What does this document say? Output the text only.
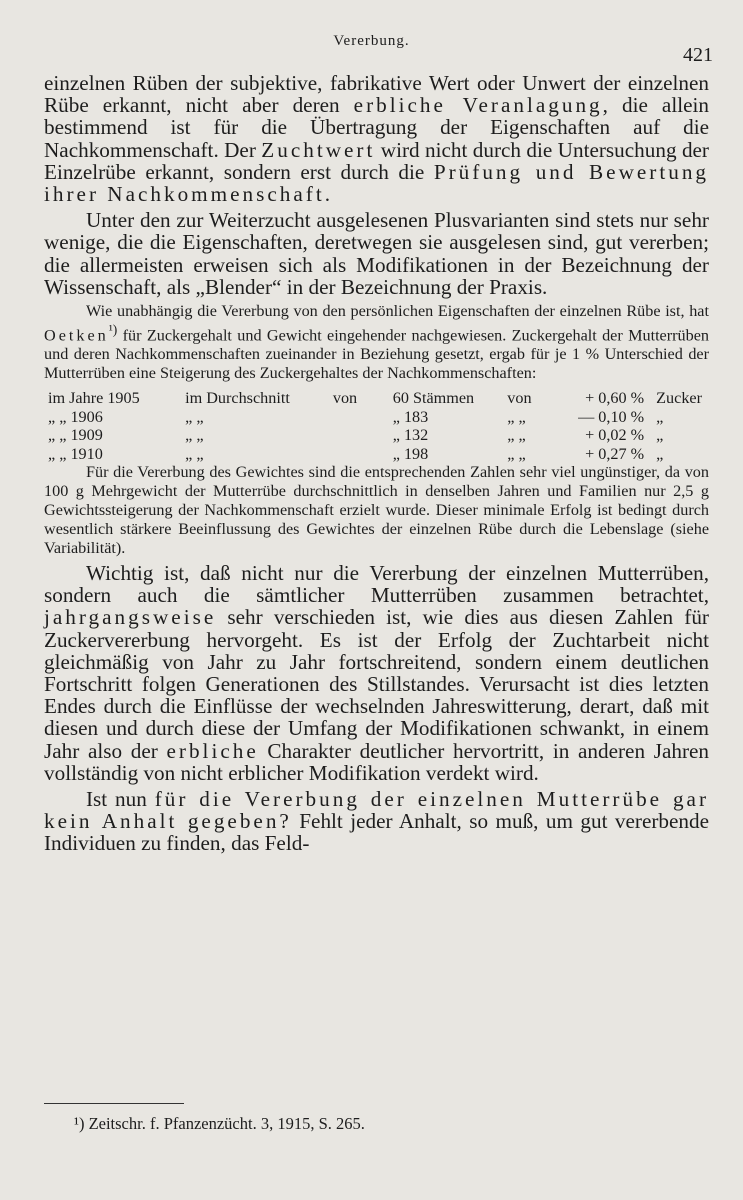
Vererbung.
421

einzelnen Rüben der subjektive, fabrikative Wert oder Unwert der einzelnen Rübe erkannt, nicht aber deren erbliche Veranlagung, die allein bestimmend ist für die Übertragung der Eigenschaften auf die Nachkommenschaft. Der Zuchtwert wird nicht durch die Untersuchung der Einzelrübe erkannt, sondern erst durch die Prüfung und Bewertung ihrer Nachkommenschaft.

Unter den zur Weiterzucht ausgelesenen Plusvarianten sind stets nur sehr wenige, die die Eigenschaften, deretwegen sie ausgelesen sind, gut vererben; die allermeisten erweisen sich als Modifikationen in der Bezeichnung der Wissenschaft, als „Blender“ in der Bezeichnung der Praxis.

Wie unabhängig die Vererbung von den persönlichen Eigenschaften der einzelnen Rübe ist, hat Oetken$^{^1)}$ für Zuckergehalt und Gewicht eingehender nachgewiesen. Zuckergehalt der Mutterrüben und deren Nachkommenschaften zueinander in Beziehung gesetzt, ergab für je 1 % Unterschied der Mutterrüben eine Steigerung des Zuckergehaltes der Nachkommenschaften:

im Jahre 1905	im Durchschnitt	von	60 Stämmen	von	+ 0,60 %	Zucker
„ „ 1906	„ „		„ 183	„ „	— 0,10 %	„
„ „ 1909	„ „		„ 132	„ „	+ 0,02 %	„
„ „ 1910	„ „		„ 198	„ „	+ 0,27 %	„

Für die Vererbung des Gewichtes sind die entsprechenden Zahlen sehr viel ungünstiger, da von 100 g Mehrgewicht der Mutterrübe durchschnittlich in denselben Jahren und Familien nur 2,5 g Gewichtssteigerung der Nachkommenschaft erzielt wurde. Dieser minimale Erfolg ist bedingt durch wesentlich stärkere Beeinflussung des Gewichtes der einzelnen Rübe durch die Lebenslage (siehe Variabilität).

Wichtig ist, daß nicht nur die Vererbung der einzelnen Mutterrüben, sondern auch die sämtlicher Mutterrüben zusammen betrachtet, jahrgangsweise sehr verschieden ist, wie dies aus diesen Zahlen für Zuckervererbung hervorgeht. Es ist der Erfolg der Zuchtarbeit nicht gleichmäßig von Jahr zu Jahr fortschreitend, sondern einem deutlichen Fortschritt folgen Generationen des Stillstandes. Verursacht ist dies letzten Endes durch die Einflüsse der wechselnden Jahreswitterung, derart, daß mit diesen und durch diese der Umfang der Modifikationen schwankt, in einem Jahr also der erbliche Charakter deutlicher hervortritt, in anderen Jahren vollständig von nicht erblicher Modifikation verdekt wird.

Ist nun für die Vererbung der einzelnen Mutterrübe gar kein Anhalt gegeben? Fehlt jeder Anhalt, so muß, um gut vererbende Individuen zu finden, das Feld-

¹) Zeitschr. f. Pfanzenzücht. 3, 1915, S. 265.
